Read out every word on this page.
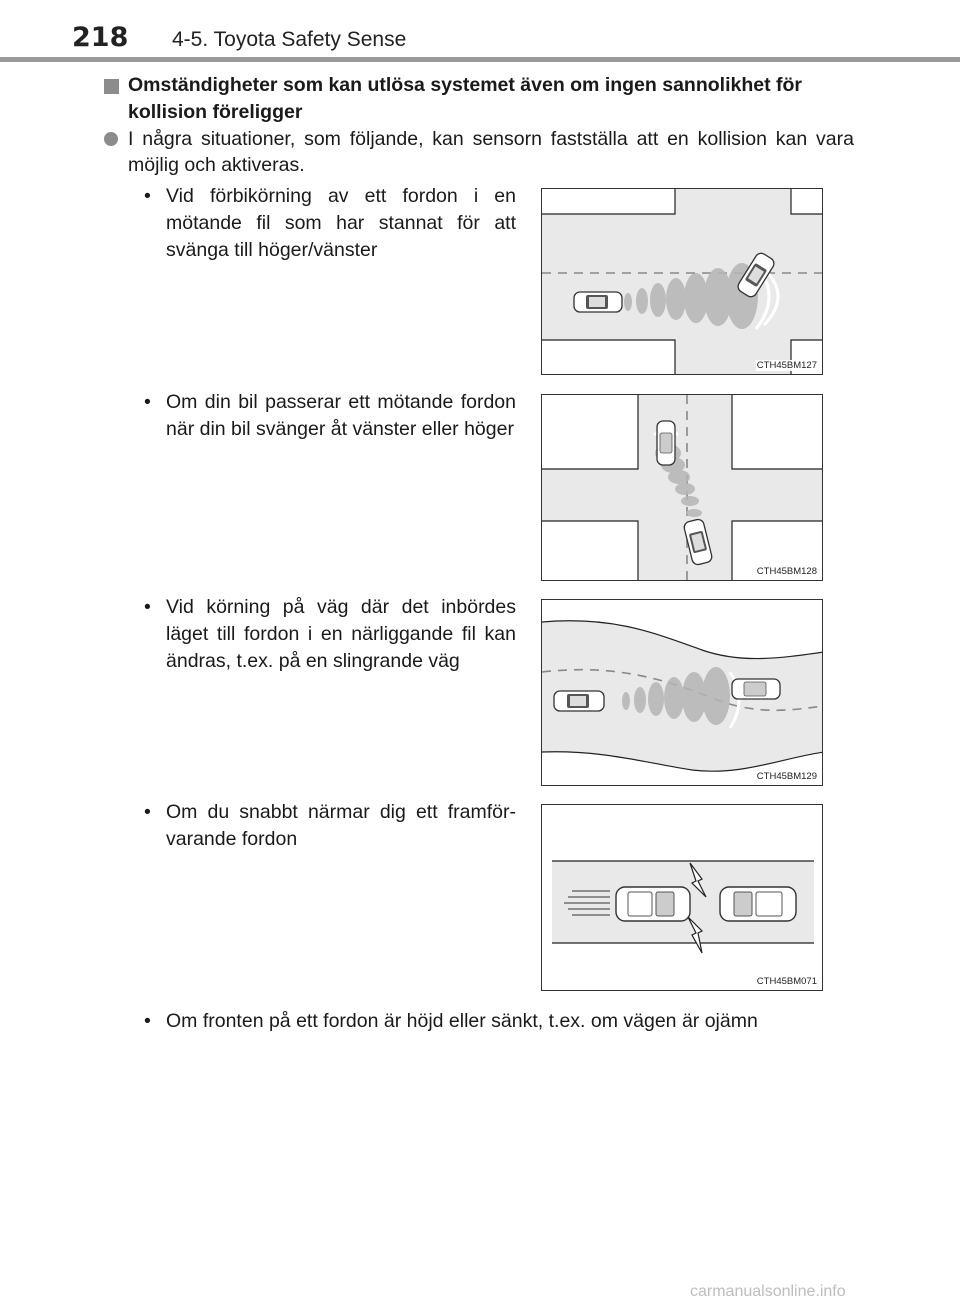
218 4-5. Toyota Safety Sense
Omständigheter som kan utlösa systemet även om ingen sannolikhet för kollision föreligger
I några situationer, som följande, kan sensorn fastställa att en kollision kan vara möjlig och aktiveras.
• Vid förbikörning av ett fordon i en mötande fil som har stannat för att svänga till höger/vänster
CTH45BM127
• Om din bil passerar ett mötande fordon när din bil svänger åt vänster eller höger
CTH45BM128
• Vid körning på väg där det inbördes läget till fordon i en närliggande fil kan ändras, t.ex. på en slingrande väg
CTH45BM129
• Om du snabbt närmar dig ett framförvarande fordon
CTH45BM071
• Om fronten på ett fordon är höjd eller sänkt, t.ex. om vägen är ojämn
carmanualsonline.info
